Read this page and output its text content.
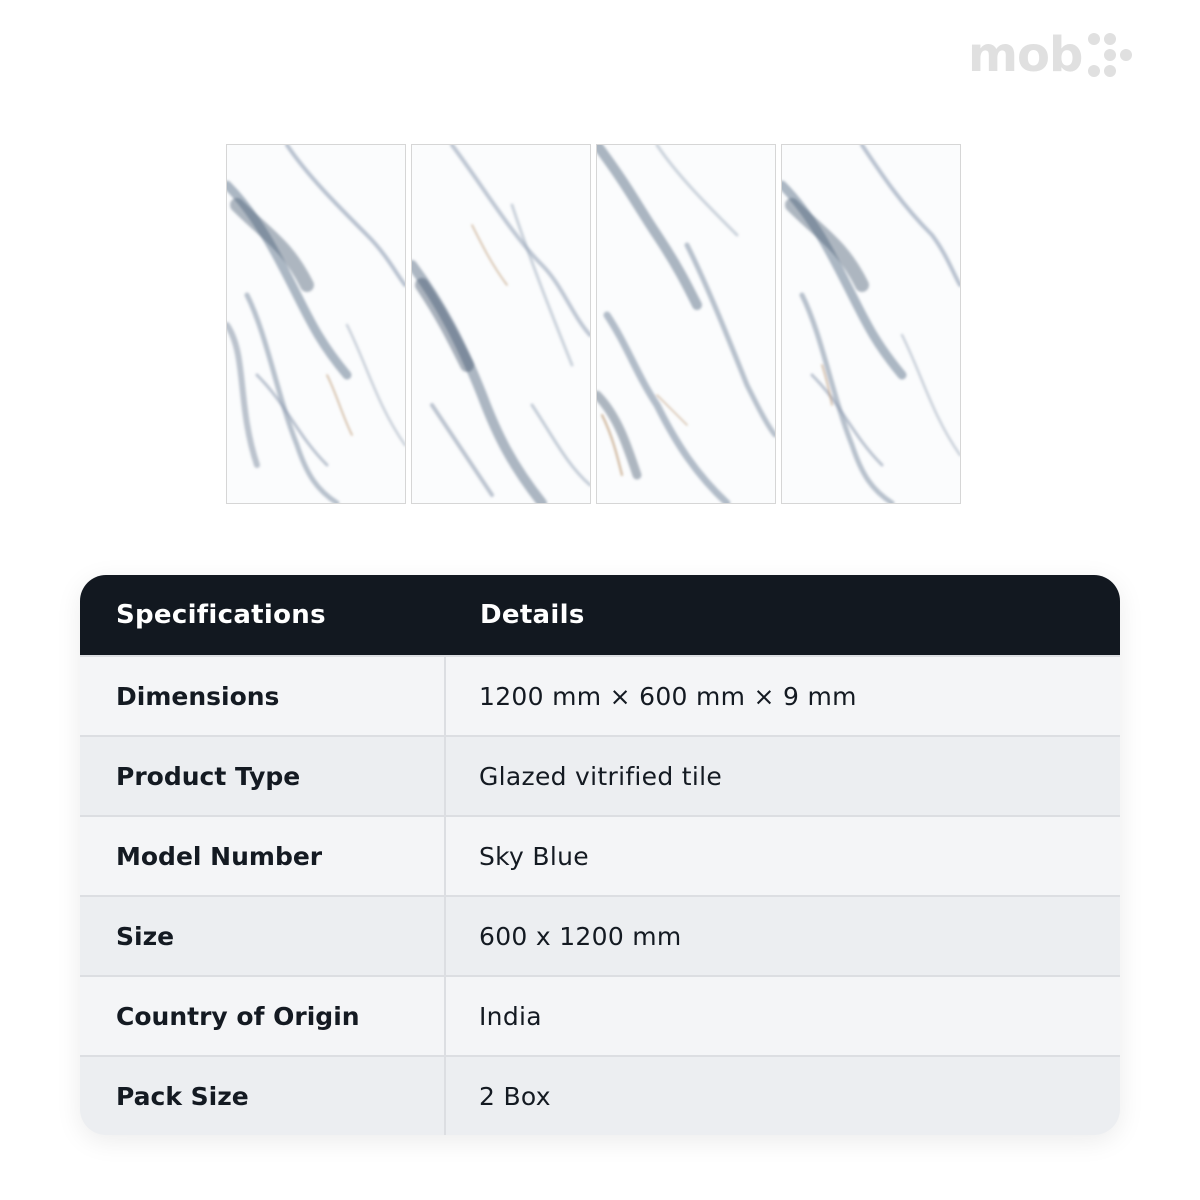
mob
Specifications	Details
Dimensions	1200 mm × 600 mm × 9 mm
Product Type	Glazed vitrified tile
Model Number	Sky Blue
Size	600 x 1200 mm
Country of Origin	India
Pack Size	2 Box
